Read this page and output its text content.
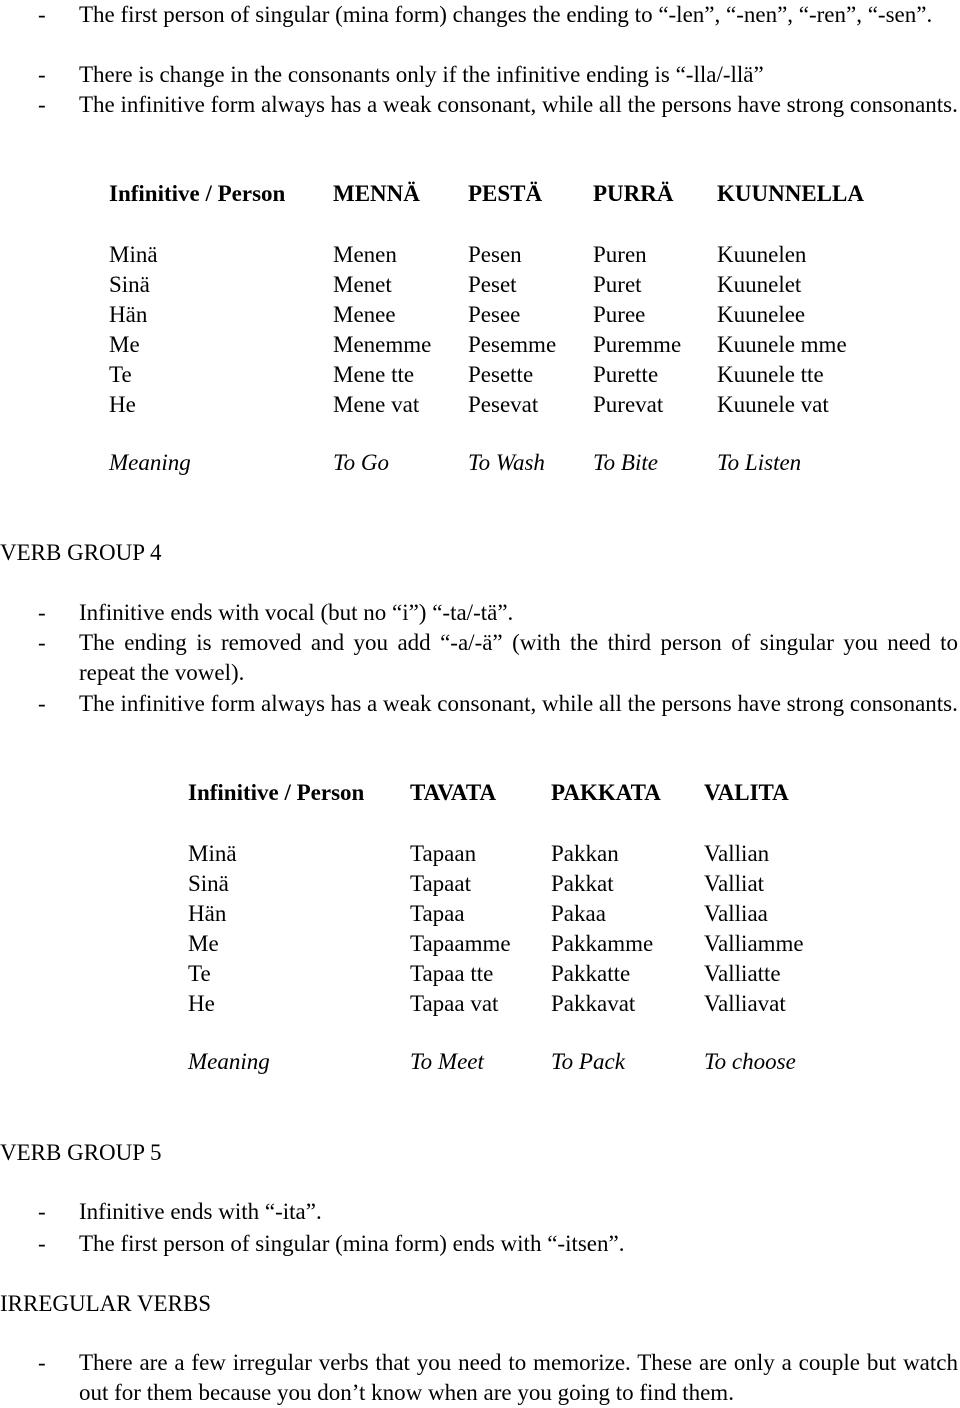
-	The first person of singular (mina form) changes the ending to “-len”, “-nen”, “-ren”, “-sen”.
-	There is change in the consonants only if the infinitive ending is “-lla/-llä”
-	The infinitive form always has a weak consonant, while all the persons have strong consonants.
Infinitive / Person	MENNÄ	PESTÄ	PURRÄ	KUUNNELLA

Minä	Menen	Pesen	Puren	Kuunelen
Sinä	Menet	Peset	Puret	Kuunelet
Hän	Menee	Pesee	Puree	Kuunelee
Me	Menemme	Pesemme	Puremme	Kuunele mme
Te	Mene tte	Pesette	Purette	Kuunele tte
He	Mene vat	Pesevat	Purevat	Kuunele vat

Meaning	To Go	To Wash	To Bite	To Listen
VERB GROUP 4
-	Infinitive ends with vocal (but no “i”) “-ta/-tä”.
-	The ending is removed and you add “-a/-ä” (with the third person of singular you need to repeat the vowel).
-	The infinitive form always has a weak consonant, while all the persons have strong consonants.
Infinitive / Person	TAVATA	PAKKATA	VALITA

Minä	Tapaan	Pakkan	Vallian
Sinä	Tapaat	Pakkat	Valliat
Hän	Tapaa	Pakaa	Valliaa
Me	Tapaamme	Pakkamme	Valliamme
Te	Tapaa tte	Pakkatte	Valliatte
He	Tapaa vat	Pakkavat	Valliavat

Meaning	To Meet	To Pack	To choose
VERB GROUP 5
-	Infinitive ends with “-ita”.
-	The first person of singular (mina form) ends with “-itsen”.
IRREGULAR VERBS
-	There are a few irregular verbs that you need to memorize. These are only a couple but watch out for them because you don’t know when are you going to find them.
